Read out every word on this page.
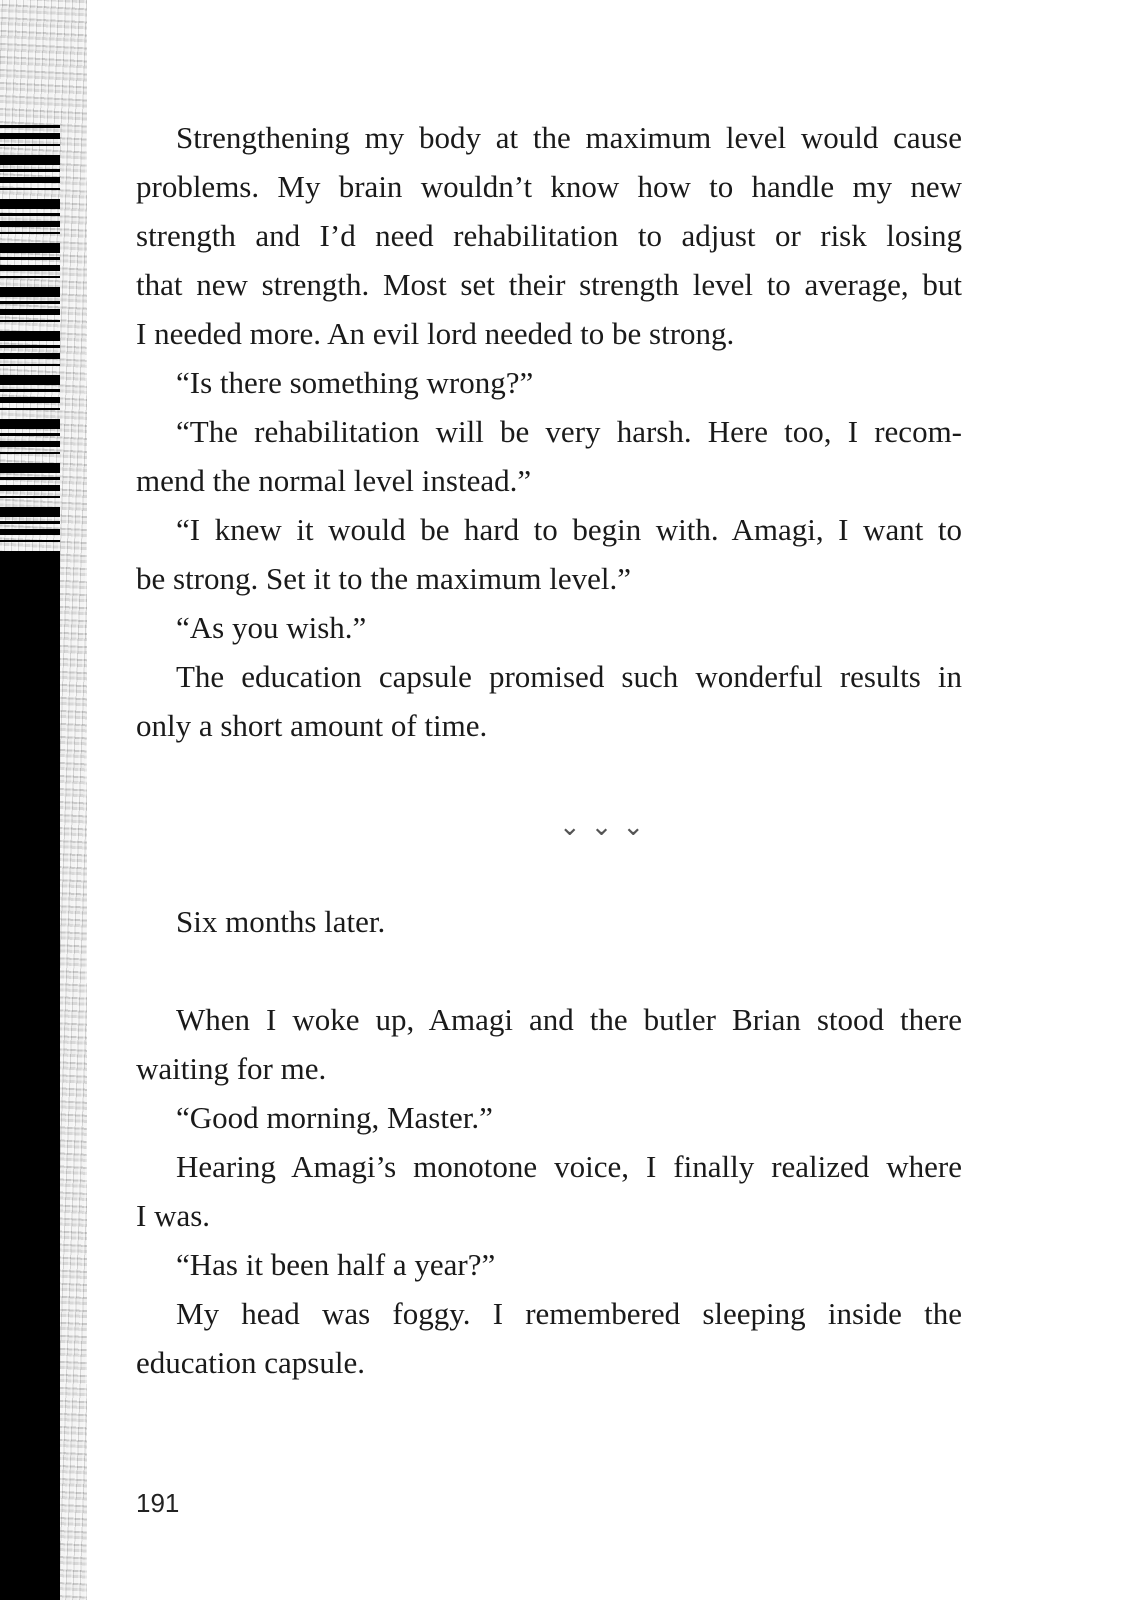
Strengthening my body at the maximum level would cause
problems. My brain wouldn’t know how to handle my new
strength and I’d need rehabilitation to adjust or risk losing
that new strength. Most set their strength level to average, but
I needed more. An evil lord needed to be strong.
“Is there something wrong?”
“The rehabilitation will be very harsh. Here too, I recom-
mend the normal level instead.”
“I knew it would be hard to begin with. Amagi, I want to
be strong. Set it to the maximum level.”
“As you wish.”
The education capsule promised such wonderful results in
only a short amount of time.
Six months later.
When I woke up, Amagi and the butler Brian stood there
waiting for me.
“Good morning, Master.”
Hearing Amagi’s monotone voice, I finally realized where
I was.
“Has it been half a year?”
My head was foggy. I remembered sleeping inside the
education capsule.
⌄⌄⌄
191
